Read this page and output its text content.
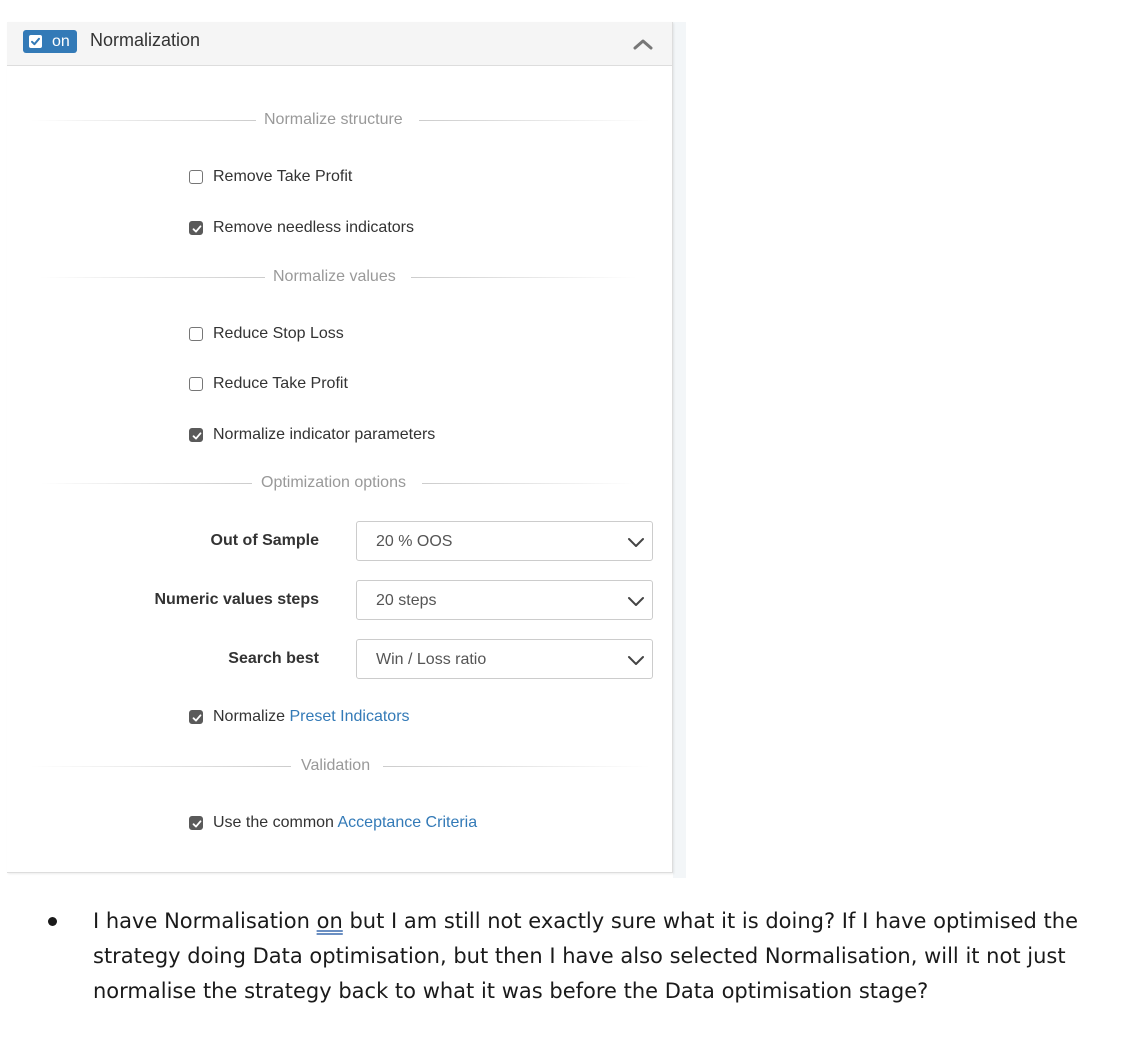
on Normalization
Normalize structure
Remove Take Profit
Remove needless indicators
Normalize values
Reduce Stop Loss
Reduce Take Profit
Normalize indicator parameters
Optimization options
Out of Sample	20 % OOS
Numeric values steps	20 steps
Search best	Win / Loss ratio
Normalize Preset Indicators
Validation
Use the common Acceptance Criteria
I have Normalisation on but I am still not exactly sure what it is doing? If I have optimised the strategy doing Data optimisation, but then I have also selected Normalisation, will it not just normalise the strategy back to what it was before the Data optimisation stage?
